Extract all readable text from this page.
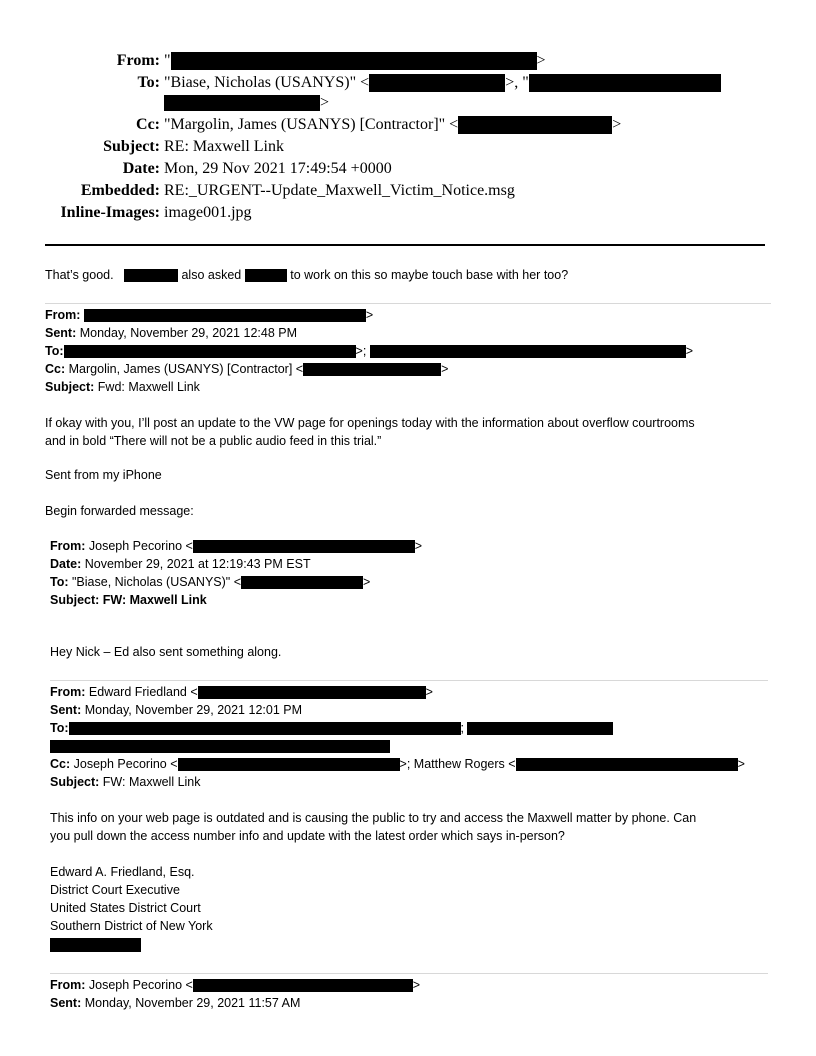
From: "	>
To: "Biase, Nicholas (USANYS)" <	>, "
>
Cc: "Margolin, James (USANYS) [Contractor]" <	>
Subject: RE: Maxwell Link
Date: Mon, 29 Nov 2021 17:49:54 +0000
Embedded: RE:_URGENT--Update_Maxwell_Victim_Notice.msg
Inline-Images: image001.jpg
That’s good.	also asked	to work on this so maybe touch base with her too?
From:	>
Sent: Monday, November 29, 2021 12:48 PM
To:	>;	>
Cc: Margolin, James (USANYS) [Contractor] <	>
Subject: Fwd: Maxwell Link
If okay with you, I’ll post an update to the VW page for openings today with the information about overflow courtrooms
and in bold “There will not be a public audio feed in this trial.”
Sent from my iPhone
Begin forwarded message:
From: Joseph Pecorino <	>
Date: November 29, 2021 at 12:19:43 PM EST
To: "Biase, Nicholas (USANYS)" <	>
Subject: FW: Maxwell Link
Hey Nick – Ed also sent something along.
From: Edward Friedland <	>
Sent: Monday, November 29, 2021 12:01 PM
To:	;
Cc: Joseph Pecorino <	>; Matthew Rogers <	>
Subject: FW: Maxwell Link
This info on your web page is outdated and is causing the public to try and access the Maxwell matter by phone. Can
you pull down the access number info and update with the latest order which says in-person?
Edward A. Friedland, Esq.
District Court Executive
United States District Court
Southern District of New York
From: Joseph Pecorino <	>
Sent: Monday, November 29, 2021 11:57 AM
